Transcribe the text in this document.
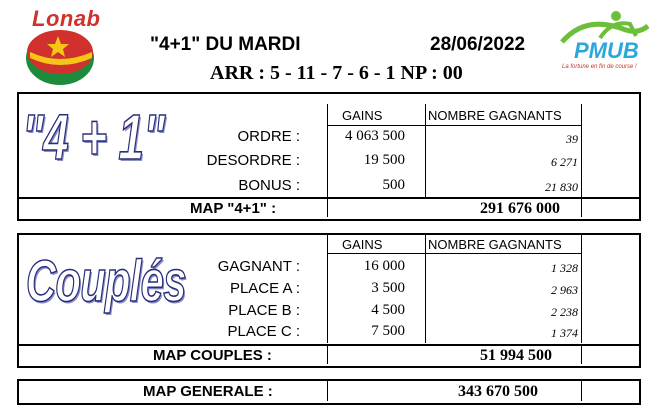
Lonab
"4+1" DU MARDI	28/06/2022
ARR : 5 - 11 - 7 - 6 - 1 NP : 00
PMUB
La fortune en fin de course !
"4 + 1"	GAINS	NOMBRE GAGNANTS
ORDRE :	4 063 500	39
DESORDRE :	19 500	6 271
BONUS :	500	21 830
MAP "4+1" :	291 676 000
Couplés
GAINS	NOMBRE GAGNANTS
GAGNANT :	16 000	1 328
PLACE A :	3 500	2 963
PLACE B :	4 500	2 238
PLACE C :	7 500	1 374
MAP COUPLES :	51 994 500
MAP GENERALE :	343 670 500
